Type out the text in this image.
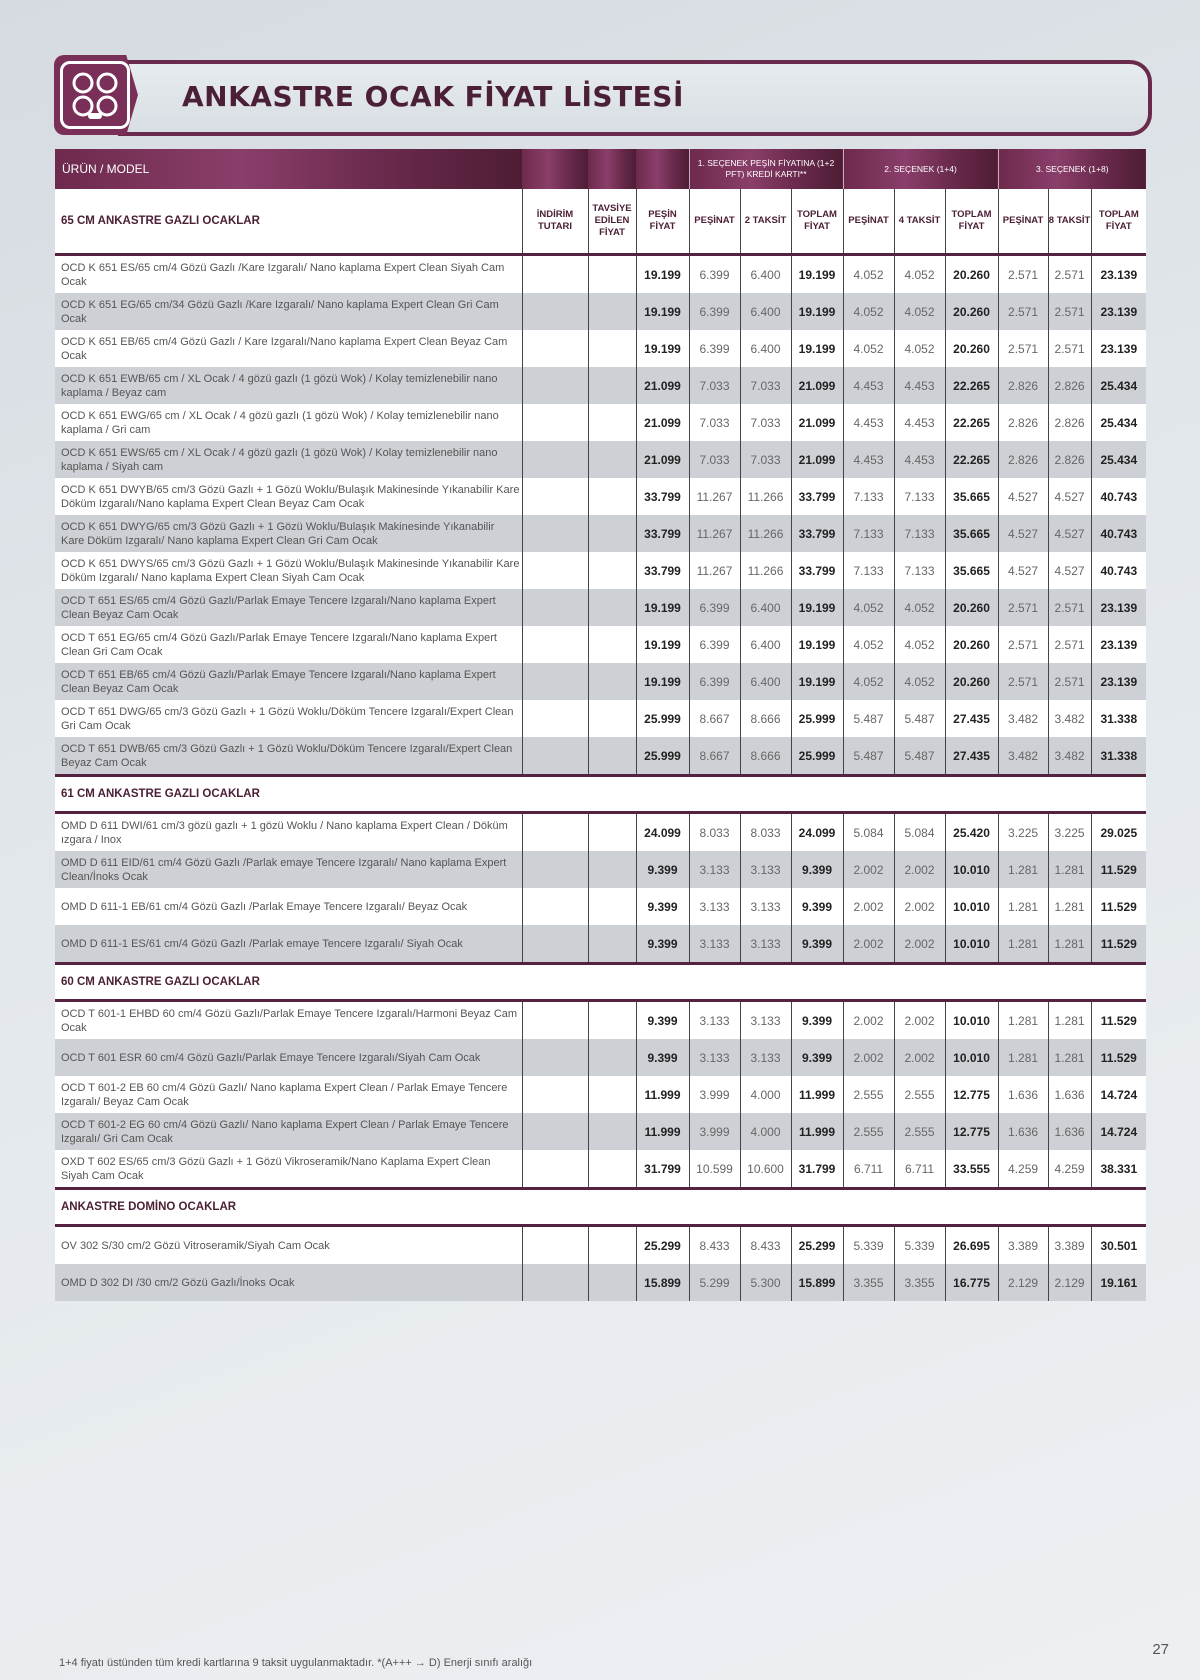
ANKASTRE OCAK FİYAT LİSTESİ
ÜRÜN / MODEL				1. SEÇENEK PEŞİN FİYATINA (1+2 PFT) KREDİ KARTI**			2. SEÇENEK (1+4)			3. SEÇENEK (1+8)		
65 CM ANKASTRE GAZLI OCAKLAR	İNDİRİM TUTARI	TAVSİYE EDİLEN FİYAT	PEŞİN FİYAT	PEŞİNAT	2 TAKSİT	TOPLAM FİYAT	PEŞİNAT	4 TAKSİT	TOPLAM FİYAT	PEŞİNAT	8 TAKSİT	TOPLAM FİYAT
OCD K 651 ES/65 cm/4 Gözü Gazlı /Kare Izgaralı/ Nano kaplama Expert Clean Siyah Cam Ocak			19.199	6.399	6.400	19.199	4.052	4.052	20.260	2.571	2.571	23.139
OCD K 651 EG/65 cm/34 Gözü Gazlı /Kare Izgaralı/ Nano kaplama Expert Clean Gri Cam Ocak			19.199	6.399	6.400	19.199	4.052	4.052	20.260	2.571	2.571	23.139
OCD K 651 EB/65 cm/4 Gözü Gazlı / Kare Izgaralı/Nano kaplama Expert Clean Beyaz Cam Ocak			19.199	6.399	6.400	19.199	4.052	4.052	20.260	2.571	2.571	23.139
OCD K 651 EWB/65 cm / XL Ocak / 4 gözü gazlı (1 gözü Wok) / Kolay temizlenebilir nano kaplama / Beyaz cam			21.099	7.033	7.033	21.099	4.453	4.453	22.265	2.826	2.826	25.434
OCD K 651 EWG/65 cm / XL Ocak / 4 gözü gazlı (1 gözü Wok) / Kolay temizlenebilir nano kaplama / Gri cam			21.099	7.033	7.033	21.099	4.453	4.453	22.265	2.826	2.826	25.434
OCD K 651 EWS/65 cm / XL Ocak / 4 gözü gazlı (1 gözü Wok) / Kolay temizlenebilir nano kaplama / Siyah cam			21.099	7.033	7.033	21.099	4.453	4.453	22.265	2.826	2.826	25.434
OCD K 651 DWYB/65 cm/3 Gözü Gazlı + 1 Gözü Woklu/Bulaşık Makinesinde Yıkanabilir Kare Döküm Izgaralı/Nano kaplama Expert Clean Beyaz Cam Ocak			33.799	11.267	11.266	33.799	7.133	7.133	35.665	4.527	4.527	40.743
OCD K 651 DWYG/65 cm/3 Gözü Gazlı + 1 Gözü Woklu/Bulaşık Makinesinde Yıkanabilir Kare Döküm Izgaralı/ Nano kaplama Expert Clean Gri Cam Ocak			33.799	11.267	11.266	33.799	7.133	7.133	35.665	4.527	4.527	40.743
OCD K 651 DWYS/65 cm/3 Gözü Gazlı + 1 Gözü Woklu/Bulaşık Makinesinde Yıkanabilir Kare Döküm Izgaralı/ Nano kaplama Expert Clean Siyah Cam Ocak			33.799	11.267	11.266	33.799	7.133	7.133	35.665	4.527	4.527	40.743
OCD T 651 ES/65 cm/4 Gözü Gazlı/Parlak Emaye Tencere Izgaralı/Nano kaplama Expert Clean Beyaz Cam Ocak			19.199	6.399	6.400	19.199	4.052	4.052	20.260	2.571	2.571	23.139
OCD T 651 EG/65 cm/4 Gözü Gazlı/Parlak Emaye Tencere Izgaralı/Nano kaplama Expert Clean Gri Cam Ocak			19.199	6.399	6.400	19.199	4.052	4.052	20.260	2.571	2.571	23.139
OCD T 651 EB/65 cm/4 Gözü Gazlı/Parlak Emaye Tencere Izgaralı/Nano kaplama Expert Clean Beyaz Cam Ocak			19.199	6.399	6.400	19.199	4.052	4.052	20.260	2.571	2.571	23.139
OCD T 651 DWG/65 cm/3 Gözü Gazlı + 1 Gözü Woklu/Döküm Tencere Izgaralı/Expert Clean Gri Cam Ocak			25.999	8.667	8.666	25.999	5.487	5.487	27.435	3.482	3.482	31.338
OCD T 651 DWB/65 cm/3 Gözü Gazlı + 1 Gözü Woklu/Döküm Tencere Izgaralı/Expert Clean Beyaz Cam Ocak			25.999	8.667	8.666	25.999	5.487	5.487	27.435	3.482	3.482	31.338
61 CM ANKASTRE GAZLI OCAKLAR												
OMD D 611 DWI/61 cm/3 gözü gazlı + 1 gözü Woklu / Nano kaplama Expert Clean / Döküm ızgara / Inox			24.099	8.033	8.033	24.099	5.084	5.084	25.420	3.225	3.225	29.025
OMD D 611 EID/61 cm/4 Gözü Gazlı /Parlak emaye Tencere Izgaralı/ Nano kaplama Expert Clean/İnoks Ocak			9.399	3.133	3.133	9.399	2.002	2.002	10.010	1.281	1.281	11.529
OMD D 611-1 EB/61 cm/4 Gözü Gazlı /Parlak Emaye Tencere Izgaralı/ Beyaz Ocak			9.399	3.133	3.133	9.399	2.002	2.002	10.010	1.281	1.281	11.529
OMD D 611-1 ES/61 cm/4 Gözü Gazlı /Parlak emaye Tencere Izgaralı/ Siyah Ocak			9.399	3.133	3.133	9.399	2.002	2.002	10.010	1.281	1.281	11.529
60 CM ANKASTRE GAZLI OCAKLAR												
OCD T 601-1 EHBD 60 cm/4 Gözü Gazlı/Parlak Emaye Tencere Izgaralı/Harmoni Beyaz Cam Ocak			9.399	3.133	3.133	9.399	2.002	2.002	10.010	1.281	1.281	11.529
OCD T 601 ESR 60 cm/4 Gözü Gazlı/Parlak Emaye Tencere Izgaralı/Siyah Cam Ocak			9.399	3.133	3.133	9.399	2.002	2.002	10.010	1.281	1.281	11.529
OCD T 601-2 EB 60 cm/4 Gözü Gazlı/ Nano kaplama Expert Clean / Parlak Emaye Tencere Izgaralı/ Beyaz Cam Ocak			11.999	3.999	4.000	11.999	2.555	2.555	12.775	1.636	1.636	14.724
OCD T 601-2 EG 60 cm/4 Gözü Gazlı/ Nano kaplama Expert Clean / Parlak Emaye Tencere Izgaralı/ Gri Cam Ocak			11.999	3.999	4.000	11.999	2.555	2.555	12.775	1.636	1.636	14.724
OXD T 602 ES/65 cm/3 Gözü Gazlı + 1 Gözü Vikroseramik/Nano Kaplama Expert Clean Siyah Cam Ocak			31.799	10.599	10.600	31.799	6.711	6.711	33.555	4.259	4.259	38.331
ANKASTRE DOMİNO OCAKLAR												
OV 302 S/30 cm/2 Gözü Vitroseramik/Siyah Cam Ocak			25.299	8.433	8.433	25.299	5.339	5.339	26.695	3.389	3.389	30.501
OMD D 302 DI /30 cm/2 Gözü Gazlı/İnoks Ocak			15.899	5.299	5.300	15.899	3.355	3.355	16.775	2.129	2.129	19.161
1+4 fiyatı üstünden tüm kredi kartlarına 9 taksit uygulanmaktadır. *(A+++ → D) Enerji sınıfı aralığı
27
